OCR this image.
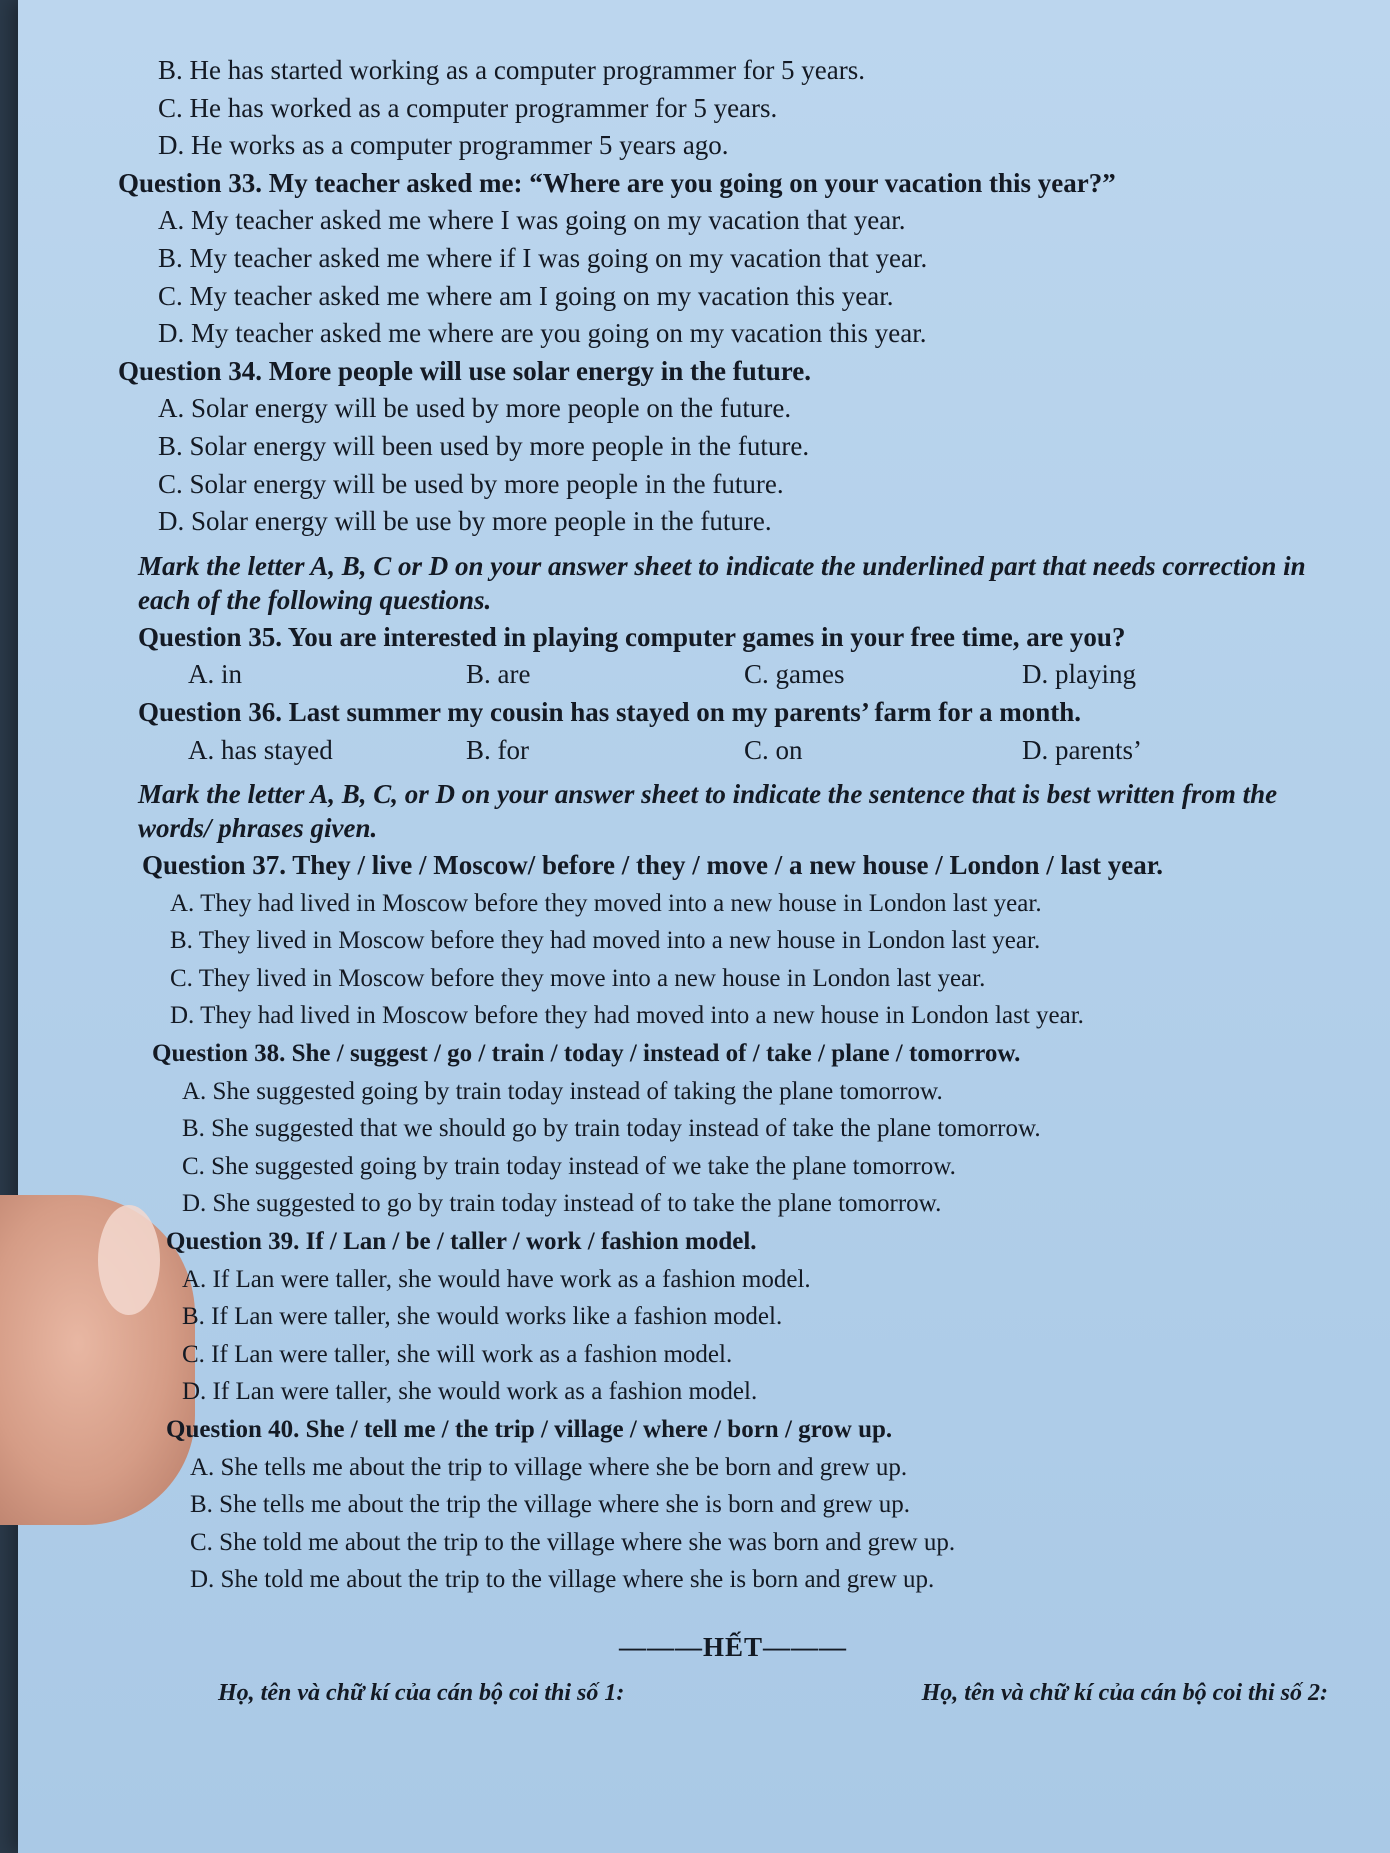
B. He has started working as a computer programmer for 5 years.
C. He has worked as a computer programmer for 5 years.
D. He works as a computer programmer 5 years ago.
Question 33. My teacher asked me: “Where are you going on your vacation this year?”
A. My teacher asked me where I was going on my vacation that year.
B. My teacher asked me where if I was going on my vacation that year.
C. My teacher asked me where am I going on my vacation this year.
D. My teacher asked me where are you going on my vacation this year.
Question 34. More people will use solar energy in the future.
A. Solar energy will be used by more people on the future.
B. Solar energy will been used by more people in the future.
C. Solar energy will be used by more people in the future.
D. Solar energy will be use by more people in the future.
Mark the letter A, B, C or D on your answer sheet to indicate the underlined part that needs correction in each of the following questions.
Question 35. You are interested in playing computer games in your free time, are you?
A. in	B. are	C. games	D. playing
Question 36. Last summer my cousin has stayed on my parents’ farm for a month.
A. has stayed	B. for	C. on	D. parents’
Mark the letter A, B, C, or D on your answer sheet to indicate the sentence that is best written from the words/ phrases given.
Question 37. They / live / Moscow/ before / they / move / a new house / London / last year.
A. They had lived in Moscow before they moved into a new house in London last year.
B. They lived in Moscow before they had moved into a new house in London last year.
C. They lived in Moscow before they move into a new house in London last year.
D. They had lived in Moscow before they had moved into a new house in London last year.
Question 38. She / suggest / go / train / today / instead of / take / plane / tomorrow.
A. She suggested going by train today instead of taking the plane tomorrow.
B. She suggested that we should go by train today instead of take the plane tomorrow.
C. She suggested going by train today instead of we take the plane tomorrow.
D. She suggested to go by train today instead of to take the plane tomorrow.
Question 39. If / Lan / be / taller / work / fashion model.
A. If Lan were taller, she would have work as a fashion model.
B. If Lan were taller, she would works like a fashion model.
C. If Lan were taller, she will work as a fashion model.
D. If Lan were taller, she would work as a fashion model.
Question 40. She / tell me / the trip / village / where / born / grow up.
A. She tells me about the trip to village where she be born and grew up.
B. She tells me about the trip the village where she is born and grew up.
C. She told me about the trip to the village where she was born and grew up.
D. She told me about the trip to the village where she is born and grew up.
———HẾT———
Họ, tên và chữ kí của cán bộ coi thi số 1:	Họ, tên và chữ kí của cán bộ coi thi số 2:
